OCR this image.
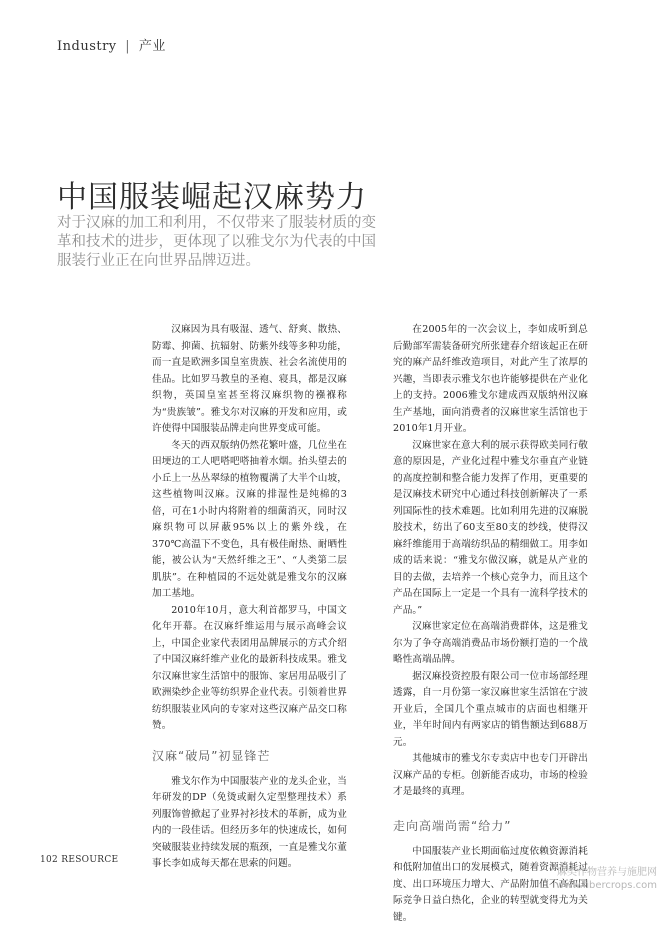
Industry | 产业
中国服装崛起汉麻势力

对于汉麻的加工和利用，不仅带来了服装材质的变革和技术的进步，更体现了以雅戈尔为代表的中国服装行业正在向世界品牌迈进。

汉麻因为具有吸湿、透气、舒爽、散热、防霉、抑菌、抗辐射、防紫外线等多种功能，而一直是欧洲多国皇室贵族、社会名流使用的佳品。比如罗马教皇的圣袍、寝具，都是汉麻织物，英国皇室甚至将汉麻织物的襁褓称为“贵族皱”。雅戈尔对汉麻的开发和应用，或许使得中国服装品牌走向世界变成可能。

冬天的西双版纳仍然花繁叶盛，几位坐在田埂边的工人吧嗒吧嗒抽着水烟。抬头望去的小丘上一丛丛翠绿的植物覆满了大半个山坡，这些植物叫汉麻。汉麻的排湿性是纯棉的3倍，可在1小时内将附着的细菌消灭，同时汉麻织物可以屏蔽95%以上的紫外线，在370℃高温下不变色，具有极佳耐热、耐晒性能，被公认为“天然纤维之王”、“人类第二层肌肤”。在种植园的不远处就是雅戈尔的汉麻加工基地。

2010年10月，意大利首都罗马，中国文化年开幕。在汉麻纤维运用与展示高峰会议上，中国企业家代表团用品牌展示的方式介绍了中国汉麻纤维产业化的最新科技成果。雅戈尔汉麻世家生活馆中的服饰、家居用品吸引了欧洲染纱企业等纺织界企业代表。引领着世界纺织服装业风向的专家对这些汉麻产品交口称赞。

汉麻“破局”初显锋芒

雅戈尔作为中国服装产业的龙头企业，当年研发的DP（免烫或耐久定型整理技术）系列服饰曾掀起了业界衬衫技术的革新，成为业内的一段佳话。但经历多年的快速成长，如何突破服装业持续发展的瓶颈，一直是雅戈尔董事长李如成每天都在思索的问题。

在2005年的一次会议上，李如成听到总后勤部军需装备研究所张建春介绍该起正在研究的麻产品纤维改造项目，对此产生了浓厚的兴趣，当即表示雅戈尔也许能够提供在产业化上的支持。2006雅戈尔建成西双版纳州汉麻生产基地，面向消费者的汉麻世家生活馆也于2010年1月开业。

汉麻世家在意大利的展示获得欧美同行敬意的原因是，产业化过程中雅戈尔垂直产业链的高度控制和整合能力发挥了作用，更重要的是汉麻技术研究中心通过科技创新解决了一系列国际性的技术难题。比如利用先进的汉麻脱胶技术，纺出了60支至80支的纱线，使得汉麻纤维能用于高端纺织品的精细做工。用李如成的话来说：“雅戈尔做汉麻，就是从产业的目的去做，去培养一个核心竞争力，而且这个产品在国际上一定是一个具有一流科学技术的产品。”

汉麻世家定位在高端消费群体，这是雅戈尔为了争夺高端消费品市场份额打造的一个战略性高端品牌。

据汉麻投资控股有限公司一位市场部经理透露，自一月份第一家汉麻世家生活馆在宁波开业后，全国几个重点城市的店面也相继开业，半年时间内有两家店的销售额达到688万元。

其他城市的雅戈尔专卖店中也专门开辟出汉麻产品的专柜。创新能否成功，市场的检验才是最终的真理。

走向高端尚需“给力”

中国服装产业长期面临过度依赖资源消耗和低附加值出口的发展模式，随着资源消耗过度、出口环境压力增大、产品附加值不高和国际竞争日益白热化，企业的转型就变得尤为关键。

102 RESOURCE
麻类作物营养与施肥网
www.fibercrops.com
